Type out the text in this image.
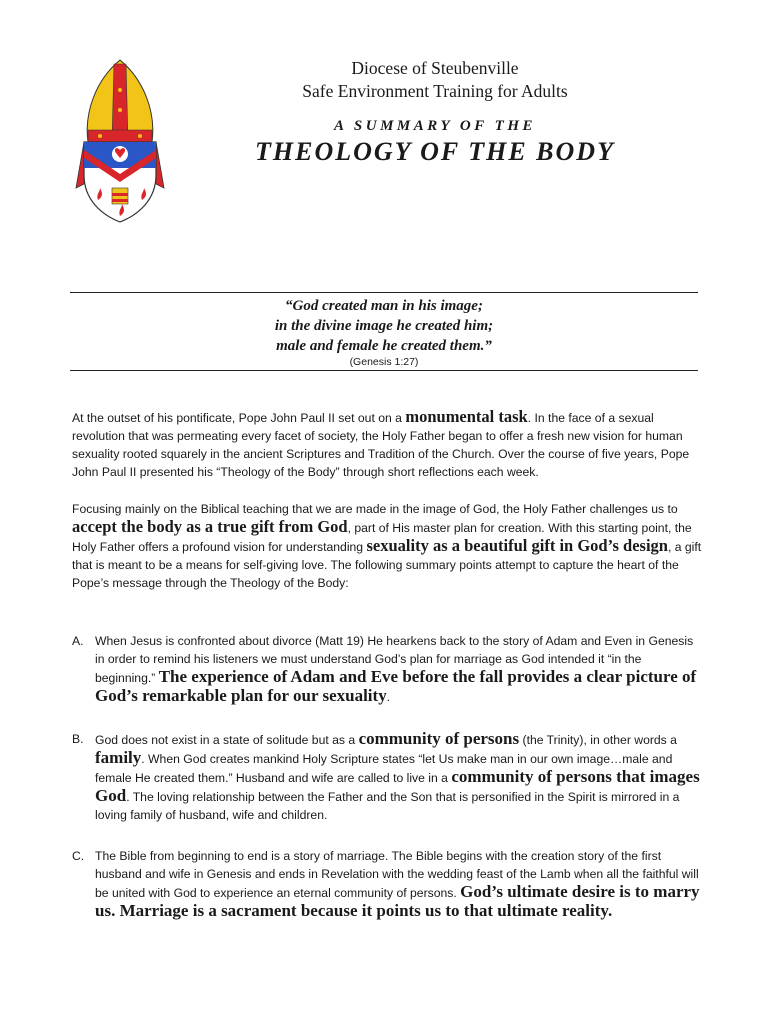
Diocese of Steubenville
Safe Environment Training for Adults
A SUMMARY OF THE
THEOLOGY OF THE BODY
“God created man in his image;
in the divine image he created him;
male and female he created them.”
(Genesis 1:27)

At the outset of his pontificate, Pope John Paul II set out on a monumental task. In the face of a sexual revolution that was permeating every facet of society, the Holy Father began to offer a fresh new vision for human sexuality rooted squarely in the ancient Scriptures and Tradition of the Church. Over the course of five years, Pope John Paul II presented his “Theology of the Body” through short reflections each week.

Focusing mainly on the Biblical teaching that we are made in the image of God, the Holy Father challenges us to accept the body as a true gift from God, part of His master plan for creation. With this starting point, the Holy Father offers a profound vision for understanding sexuality as a beautiful gift in God’s design, a gift that is meant to be a means for self-giving love. The following summary points attempt to capture the heart of the Pope’s message through the Theology of the Body:

A. When Jesus is confronted about divorce (Matt 19) He hearkens back to the story of Adam and Even in Genesis in order to remind his listeners we must understand God’s plan for marriage as God intended it “in the beginning.” The experience of Adam and Eve before the fall provides a clear picture of God’s remarkable plan for our sexuality.
B. God does not exist in a state of solitude but as a community of persons (the Trinity), in other words a family. When God creates mankind Holy Scripture states “let Us make man in our own image…male and female He created them.” Husband and wife are called to live in a community of persons that images God. The loving relationship between the Father and the Son that is personified in the Spirit is mirrored in a loving family of husband, wife and children.
C. The Bible from beginning to end is a story of marriage. The Bible begins with the creation story of the first husband and wife in Genesis and ends in Revelation with the wedding feast of the Lamb when all the faithful will be united with God to experience an eternal community of persons. God’s ultimate desire is to marry us. Marriage is a sacrament because it points us to that ultimate reality.
